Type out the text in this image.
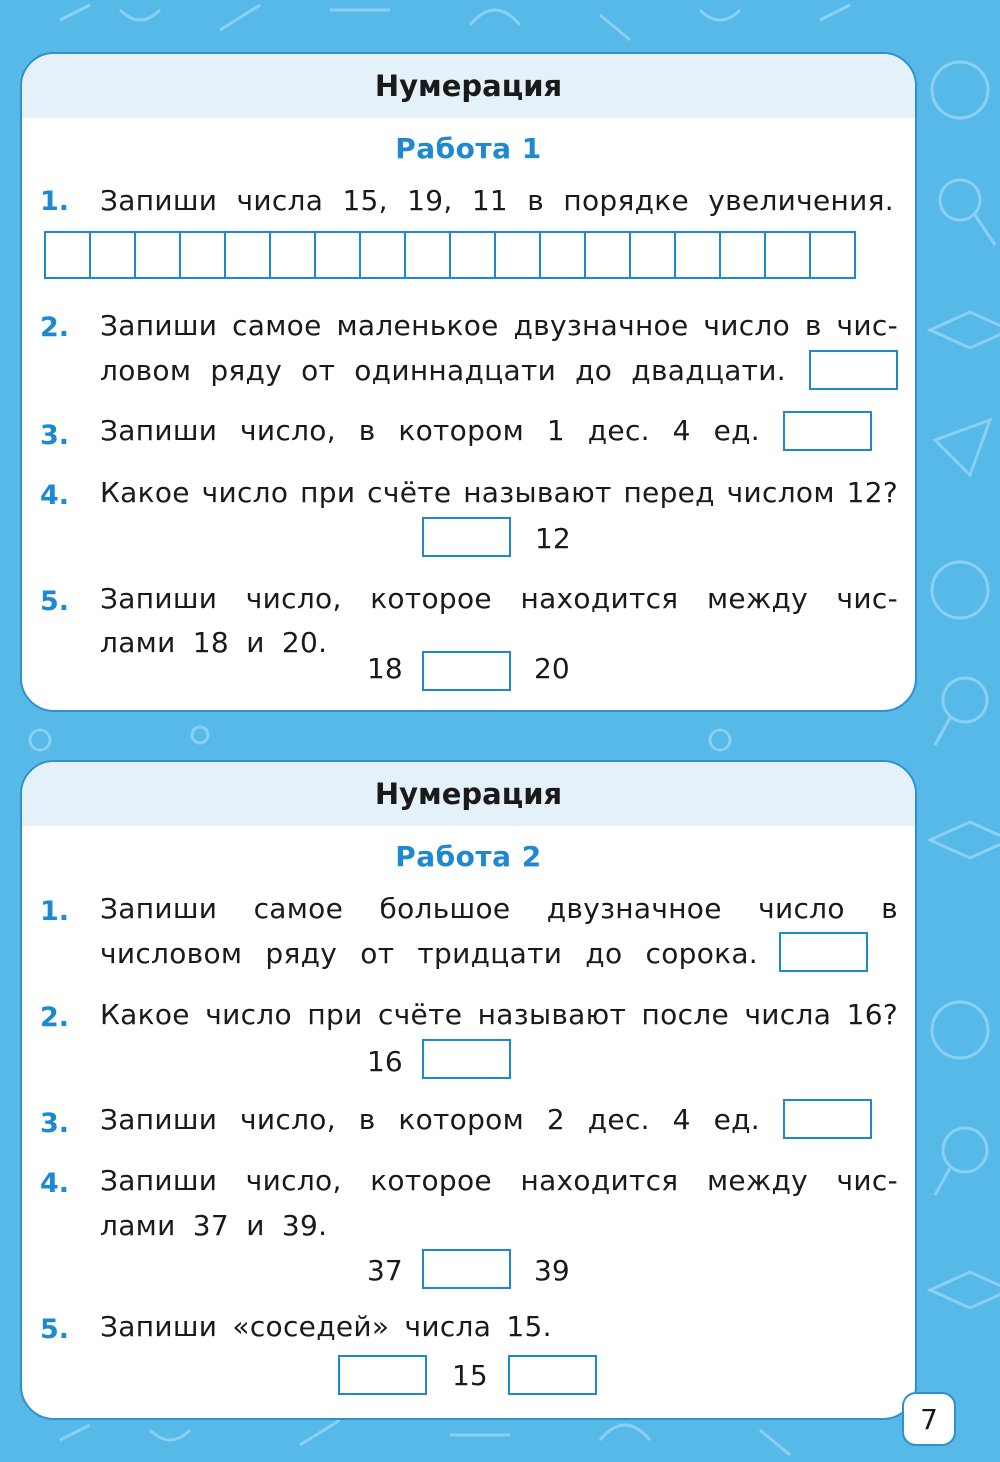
Нумерация
Работа 1
1. Запиши числа 15, 19, 11 в порядке увеличения.
2. Запиши самое маленькое двузначное число в чис-
ловом ряду от одиннадцати до двадцати.
3. Запиши число, в котором 1 дес. 4 ед.
4. Какое число при счёте называют перед числом 12?
12
5. Запиши число, которое находится между чис-
лами 18 и 20.
18	20
Нумерация
Работа 2
1. Запиши самое большое двузначное число в
числовом ряду от тридцати до сорока.
2. Какое число при счёте называют после числа 16?
16
3. Запиши число, в котором 2 дес. 4 ед.
4. Запиши число, которое находится между чис-
лами 37 и 39.
37	39
5. Запиши «соседей» числа 15.
15
7
